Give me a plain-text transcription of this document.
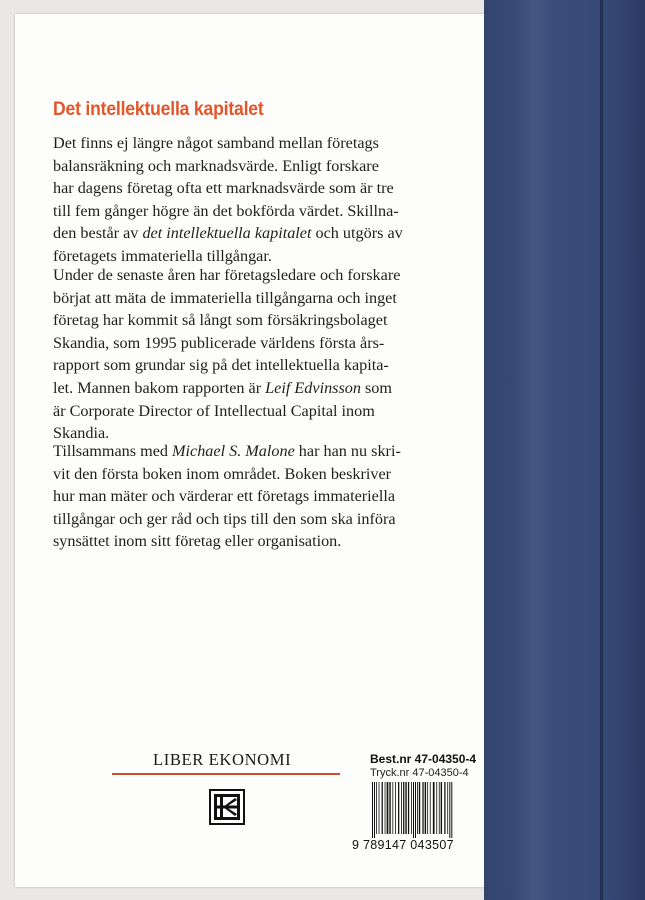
Det intellektuella kapitalet
Det finns ej längre något samband mellan företags
balansräkning och marknadsvärde. Enligt forskare
har dagens företag ofta ett marknadsvärde som är tre
till fem gånger högre än det bokförda värdet. Skillna-
den består av det intellektuella kapitalet och utgörs av
företagets immateriella tillgångar.
Under de senaste åren har företagsledare och forskare
börjat att mäta de immateriella tillgångarna och inget
företag har kommit så långt som försäkringsbolaget
Skandia, som 1995 publicerade världens första års-
rapport som grundar sig på det intellektuella kapita-
let. Mannen bakom rapporten är Leif Edvinsson som
är Corporate Director of Intellectual Capital inom
Skandia.
Tillsammans med Michael S. Malone har han nu skri-
vit den första boken inom området. Boken beskriver
hur man mäter och värderar ett företags immateriella
tillgångar och ger råd och tips till den som ska införa
synsättet inom sitt företag eller organisation.
LIBER EKONOMI	Best.nr 47-04350-4
Tryck.nr 47-04350-4
9 789147 043507
